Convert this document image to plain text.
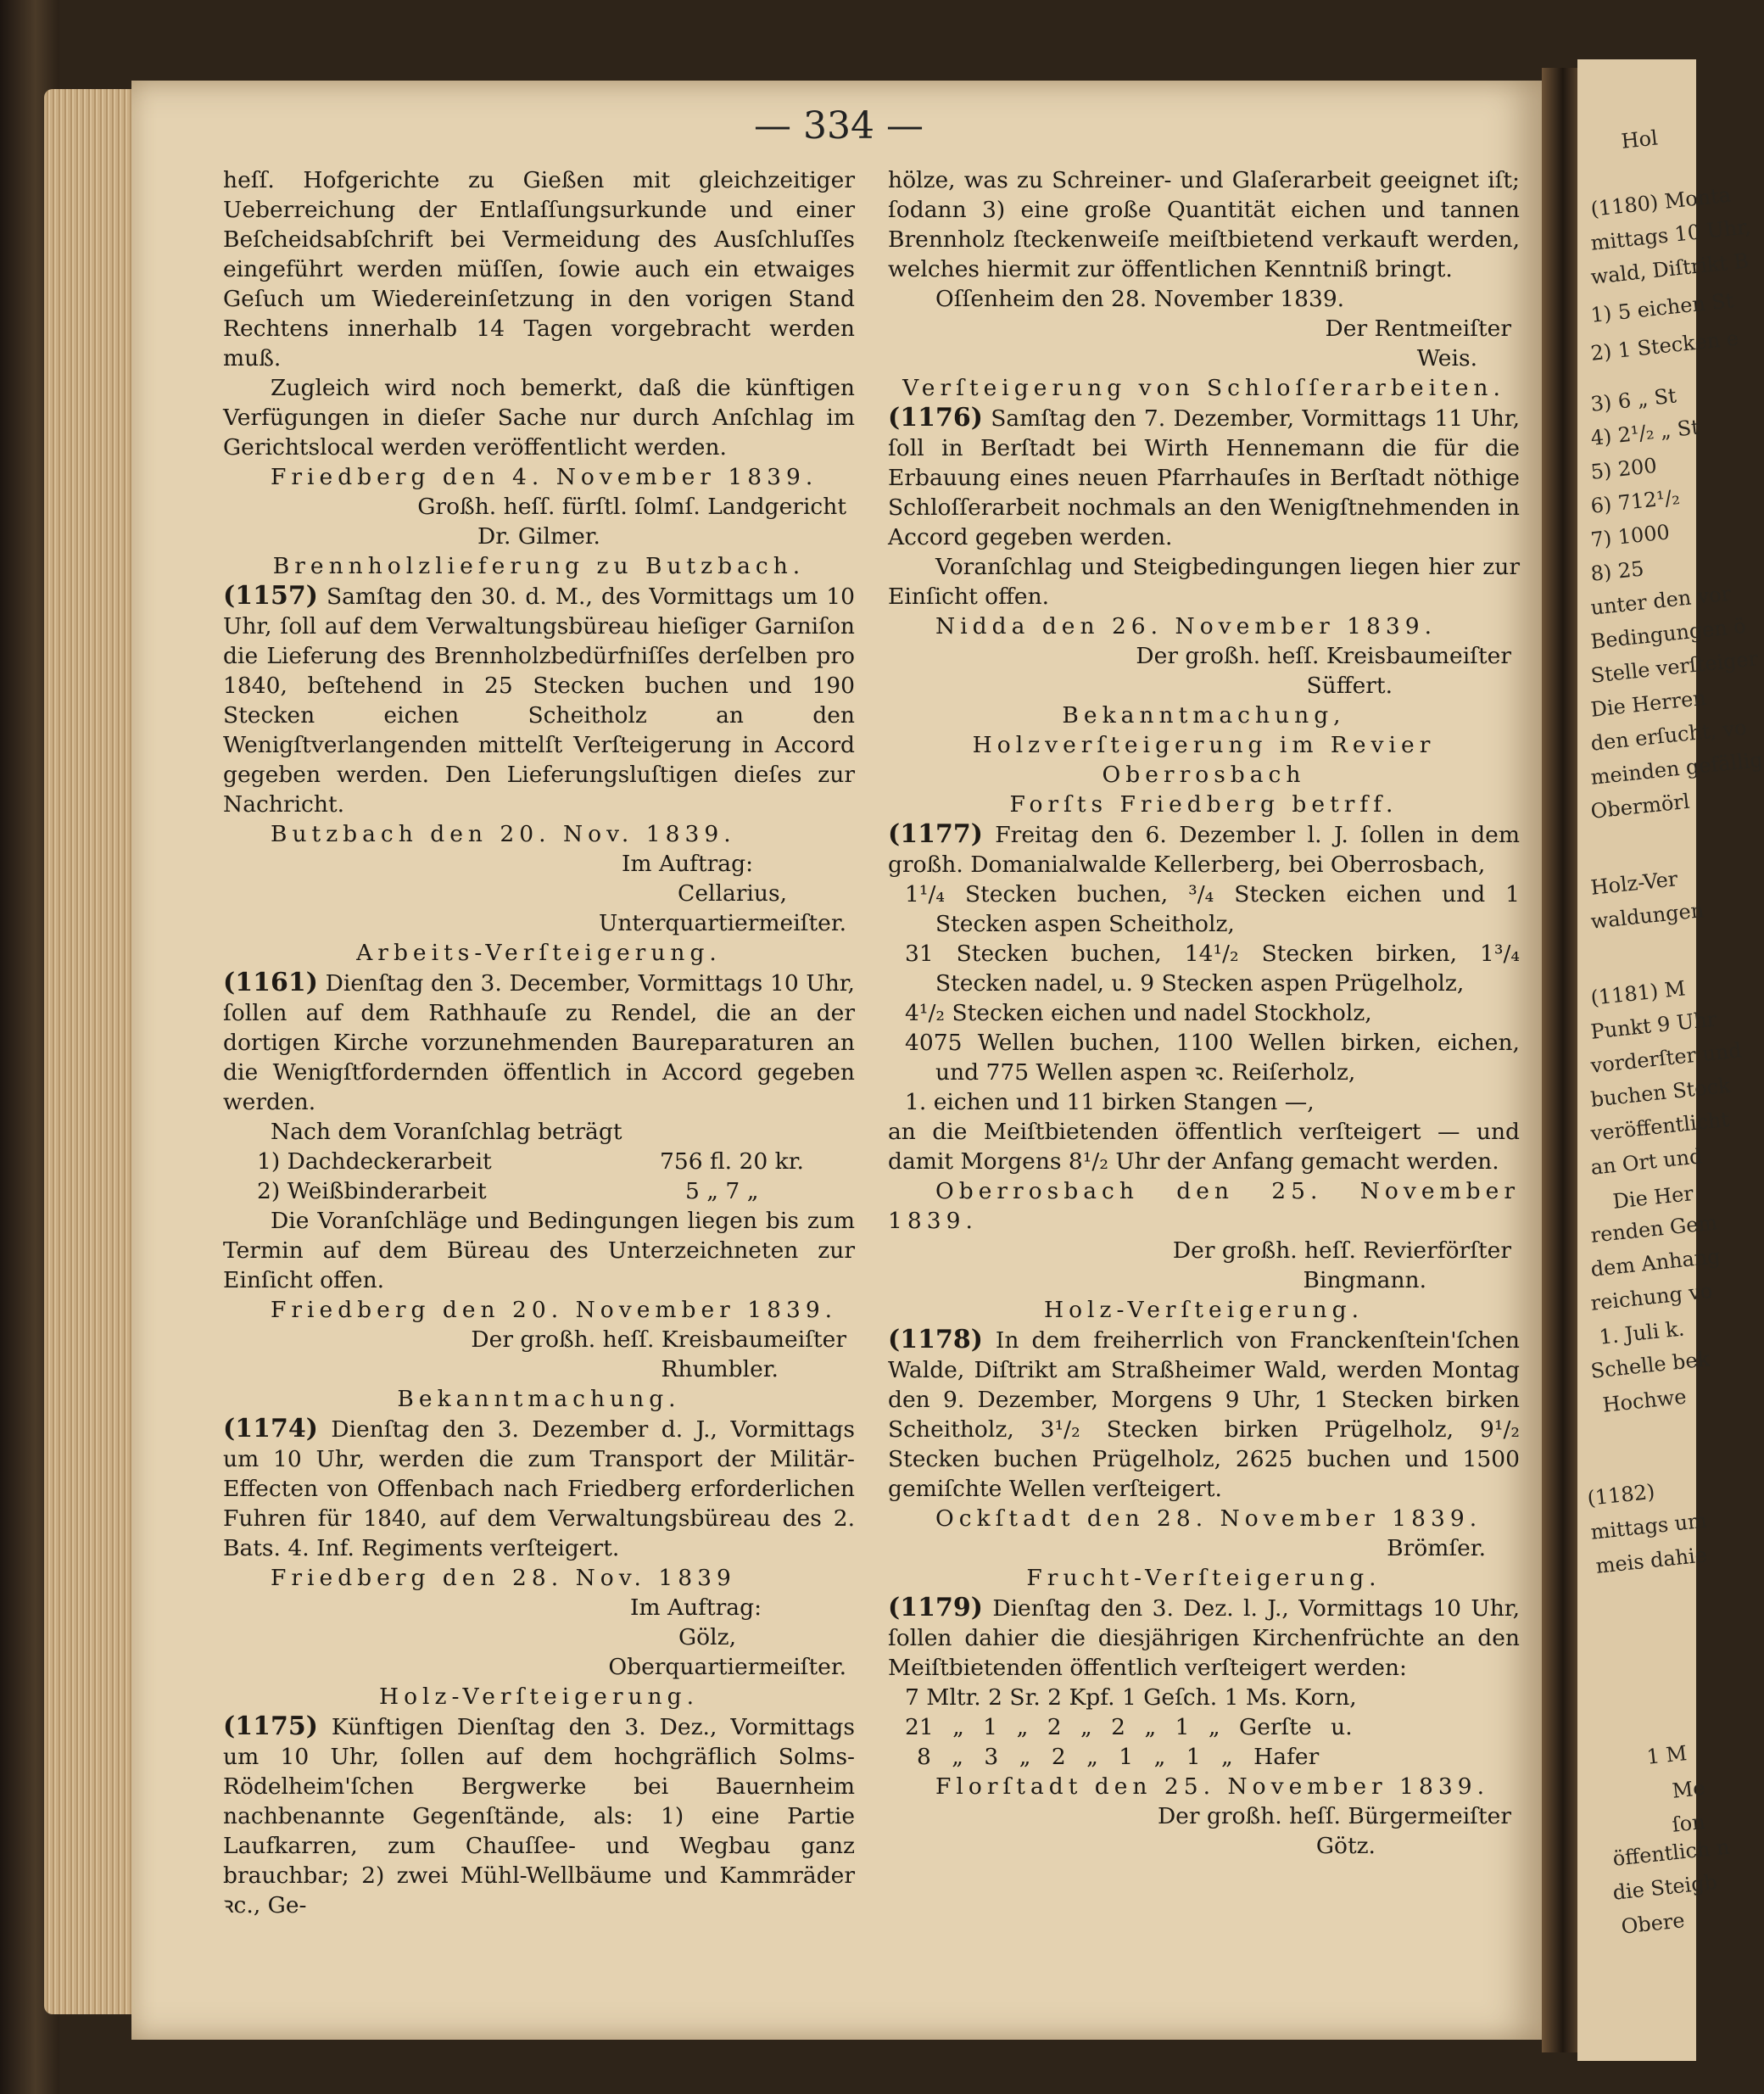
— 334 —

heſſ. Hofgerichte zu Gießen mit gleichzeitiger Ueberreichung der Entlaſſungsurkunde und einer Beſcheidsabſchrift bei Vermeidung des Ausſchluſſes eingeführt werden müſſen, ſowie auch ein etwaiges Geſuch um Wiedereinſetzung in den vorigen Stand Rechtens innerhalb 14 Tagen vorgebracht werden muß.

Zugleich wird noch bemerkt, daß die künftigen Verfügungen in dieſer Sache nur durch Anſchlag im Gerichtslocal werden veröffentlicht werden.

Friedberg den 4. November 1839.

Großh. heſſ. fürſtl. ſolmſ. Landgericht

Dr. Gilmer.

Brennholzlieferung zu Butzbach.

(1157) Samſtag den 30. d. M., des Vormittags um 10 Uhr, ſoll auf dem Verwaltungsbüreau hieſiger Garniſon die Lieferung des Brennholzbedürfniſſes derſelben pro 1840, beſtehend in 25 Stecken buchen und 190 Stecken eichen Scheitholz an den Wenigſtverlangenden mittelſt Verſteigerung in Accord gegeben werden. Den Lieferungsluſtigen dieſes zur Nachricht.

Butzbach den 20. Nov. 1839.

Im Auftrag:

Cellarius,

Unterquartiermeiſter.

Arbeits-Verſteigerung.

(1161) Dienſtag den 3. December, Vormittags 10 Uhr, ſollen auf dem Rathhauſe zu Rendel, die an der dortigen Kirche vorzunehmenden Baureparaturen an die Wenigſtfordernden öffentlich in Accord gegeben werden.

Nach dem Voranſchlag beträgt

1) Dachdeckerarbeit	756 fl. 20 kr.
2) Weißbinderarbeit	5 „ 7 „

Die Voranſchläge und Bedingungen liegen bis zum Termin auf dem Büreau des Unterzeichneten zur Einſicht offen.

Friedberg den 20. November 1839.

Der großh. heſſ. Kreisbaumeiſter

Rhumbler.

Bekanntmachung.

(1174) Dienſtag den 3. Dezember d. J., Vormittags um 10 Uhr, werden die zum Transport der Militär-Effecten von Offenbach nach Friedberg erforderlichen Fuhren für 1840, auf dem Verwaltungsbüreau des 2. Bats. 4. Inf. Regiments verſteigert.

Friedberg den 28. Nov. 1839

Im Auftrag:

Gölz,

Oberquartiermeiſter.

Holz-Verſteigerung.

(1175) Künftigen Dienſtag den 3. Dez., Vormittags um 10 Uhr, ſollen auf dem hochgräflich Solms-Rödelheim'ſchen Bergwerke bei Bauernheim nachbenannte Gegenſtände, als: 1) eine Partie Laufkarren, zum Chauſſee- und Wegbau ganz brauchbar; 2) zwei Mühl-Wellbäume und Kammräder ꝛc., Ge-

hölze, was zu Schreiner- und Glaſerarbeit geeignet iſt; ſodann 3) eine große Quantität eichen und tannen Brennholz ſteckenweiſe meiſtbietend verkauft werden, welches hiermit zur öffentlichen Kenntniß bringt.

Oſſenheim den 28. November 1839.

Der Rentmeiſter

Weis.

Verſteigerung von Schloſſerarbeiten.

(1176) Samſtag den 7. Dezember, Vormittags 11 Uhr, ſoll in Berſtadt bei Wirth Hennemann die für die Erbauung eines neuen Pfarrhauſes in Berſtadt nöthige Schloſſerarbeit nochmals an den Wenigſtnehmenden in Accord gegeben werden.

Voranſchlag und Steigbedingungen liegen hier zur Einſicht offen.

Nidda den 26. November 1839.

Der großh. heſſ. Kreisbaumeiſter

Süffert.

Bekanntmachung,

Holzverſteigerung im Revier Oberrosbach

Forſts Friedberg betrff.

(1177) Freitag den 6. Dezember l. J. ſollen in dem großh. Domanialwalde Kellerberg, bei Oberrosbach,

1¹/₄ Stecken buchen, ³/₄ Stecken eichen und 1 Stecken aspen Scheitholz,

31 Stecken buchen, 14¹/₂ Stecken birken, 1³/₄ Stecken nadel, u. 9 Stecken aspen Prügelholz,

4¹/₂ Stecken eichen und nadel Stockholz,

4075 Wellen buchen, 1100 Wellen birken, eichen, und 775 Wellen aspen ꝛc. Reiſerholz,

1. eichen und 11 birken Stangen —,

an die Meiſtbietenden öffentlich verſteigert — und damit Morgens 8¹/₂ Uhr der Anfang gemacht werden.

Oberrosbach den 25. November 1839.

Der großh. heſſ. Revierförſter

Bingmann.

Holz-Verſteigerung.

(1178) In dem freiherrlich von Franckenſtein'ſchen Walde, Diſtrikt am Straßheimer Wald, werden Montag den 9. Dezember, Morgens 9 Uhr, 1 Stecken birken Scheitholz, 3¹/₂ Stecken birken Prügelholz, 9¹/₂ Stecken buchen Prügelholz, 2625 buchen und 1500 gemiſchte Wellen verſteigert.

Ockſtadt den 28. November 1839.

Brömſer.

Frucht-Verſteigerung.

(1179) Dienſtag den 3. Dez. l. J., Vormittags 10 Uhr, ſollen dahier die diesjährigen Kirchenfrüchte an den Meiſtbietenden öffentlich verſteigert werden:

7 Mltr. 2 Sr. 2 Kpf. 1 Geſch. 1 Ms. Korn,

21 „ 1 „ 2 „ 2 „ 1 „ Gerſte u.

8 „ 3 „ 2 „ 1 „ 1 „ Hafer

Florſtadt den 25. November 1839.

Der großh. heſſ. Bürgermeiſter

Götz.

Hol
(1180) Monta
mittags 10 Uhr,
wald, Diſtrikt B
1) 5 eichen St
2) 1 Stecken e
3) 6 „ St
4) 2¹/₂ „ St
5) 200
6) 712¹/₂
7) 1000
8) 25
unter den vor
Bedingungen ö
Stelle verſteiger
Die Herren
den erſucht, vo
meinden gefällig
Obermörl
Holz-Ver
waldungen
(1181) M
Punkt 9 Uhr
vorderſter und
buchen Stock
veröffentlicht
an Ort und
Die Her
renden Gem
dem Anhang
reichung vo
1. Juli k.
Schelle bek
Hochwe
(1182)
mittags um
meis dahie
1 M
Me
ſon
öffentlich n
die Steigb
Obere
